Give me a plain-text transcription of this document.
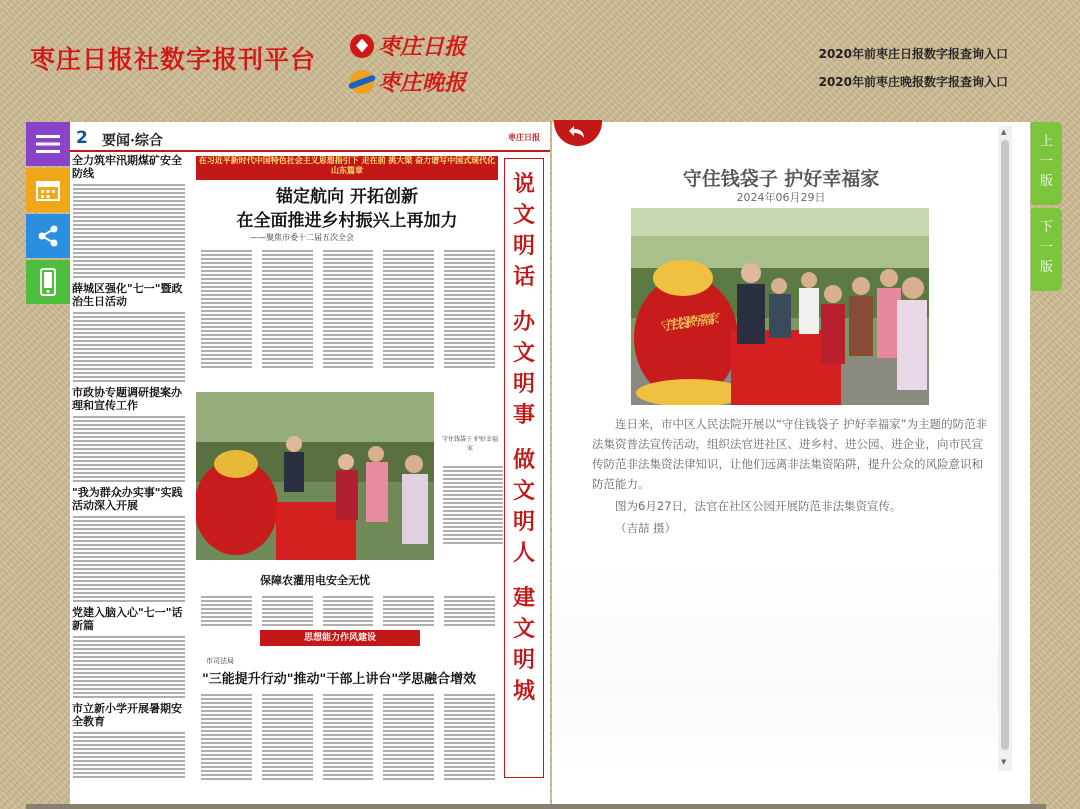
枣庄日报社数字报刊平台	枣庄日报
枣庄晚报
2020年前枣庄日报数字报查询入口
2020年前枣庄晚报数字报查询入口
2 要闻·综合	枣庄日报
全力筑牢汛期煤矿安全防线
薛城区强化"七一"暨政治生日活动
市政协专题调研提案办理和宣传工作
"我为群众办实事"实践活动深入开展
党建入脑入心"七一"话新篇
市立新小学开展暑期安全教育
在习近平新时代中国特色社会主义思想指引下 走在前 挑大梁 奋力谱写中国式现代化山东篇章
锚定航向 开拓创新
在全面推进乡村振兴上再加力
——聚焦市委十二届五次全会
说
文
明
话
办
文
明
事
做
文
明
人
建
文
明
城
守住钱袋子 护好幸福家
保障农灌用电安全无忧
思想能力作风建设
市司法局
"三能提升行动"推动"干部上讲台"学思融合增效
守住钱袋子 护好幸福家
2024年06月29日
守住钱袋子 护好幸福家
连日来，市中区人民法院开展以“守住钱袋子 护好幸福家”为主题的防范非法集资普法宣传活动，组织法官进社区、进乡村、进公园、进企业，向市民宣传防范非法集资法律知识，让他们远离非法集资陷阱，提升公众的风险意识和防范能力。
图为6月27日，法官在社区公园开展防范非法集资宣传。
（吉喆 摄）
▲
▼
上一版
下一版
